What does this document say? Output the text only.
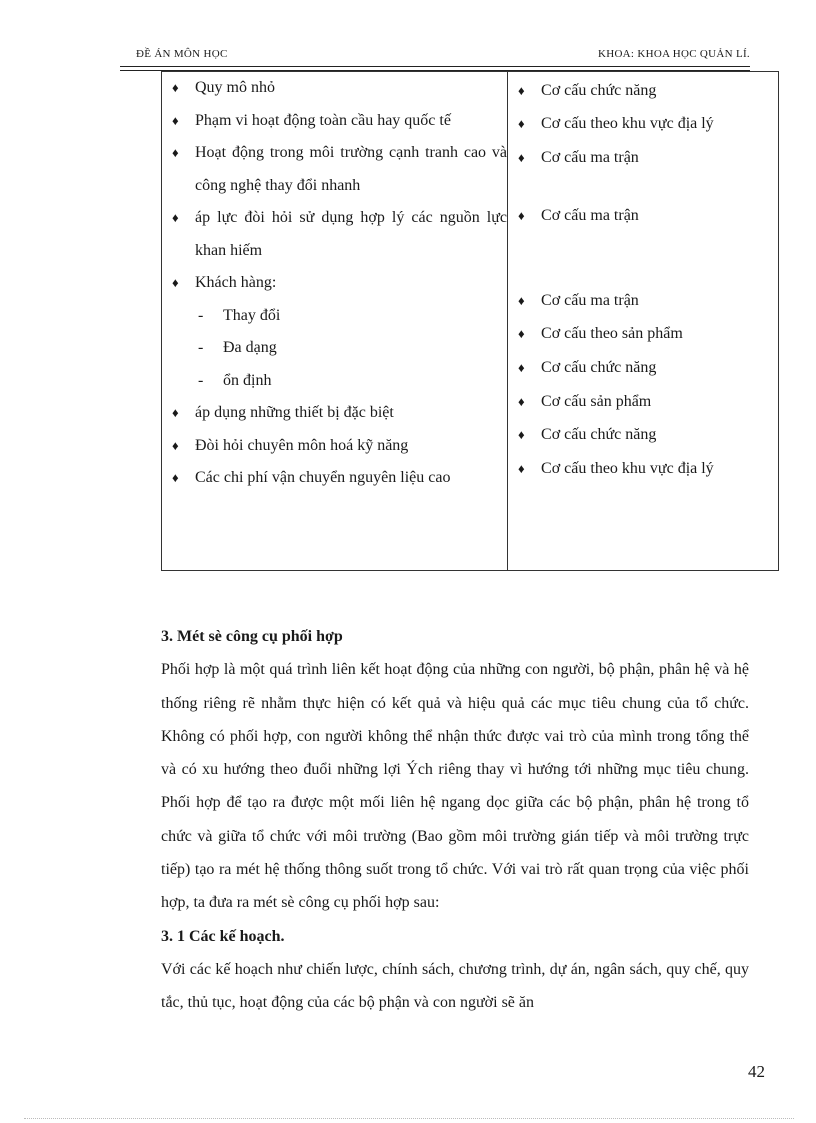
ĐỀ ÁN MÔN HỌC	KHOA: KHOA HỌC QUẢN LÍ.
♦ Quy mô nhỏ
♦ Phạm vi hoạt động toàn cầu hay quốc tế
♦ Hoạt động trong môi trường cạnh tranh cao và công nghệ thay đổi nhanh
♦ áp lực đòi hỏi sử dụng hợp lý các nguồn lực khan hiếm
♦ Khách hàng:
- Thay đổi
- Đa dạng
- ổn định
♦ áp dụng những thiết bị đặc biệt
♦ Đòi hỏi chuyên môn hoá kỹ năng
♦ Các chi phí vận chuyển nguyên liệu cao

♦ Cơ cấu chức năng
♦ Cơ cấu theo khu vực địa lý
♦ Cơ cấu ma trận
♦ Cơ cấu ma trận
♦ Cơ cấu ma trận
♦ Cơ cấu theo sản phẩm
♦ Cơ cấu chức năng
♦ Cơ cấu sản phẩm
♦ Cơ cấu chức năng
♦ Cơ cấu theo khu vực địa lý

3. Mét sè công cụ phối hợp

Phối hợp là một quá trình liên kết hoạt động của những con người, bộ phận, phân hệ và hệ thống riêng rẽ nhằm thực hiện có kết quả và hiệu quả các mục tiêu chung của tổ chức. Không có phối hợp, con người không thể nhận thức được vai trò của mình trong tổng thể và có xu hướng theo đuổi những lợi Ých riêng thay vì hướng tới những mục tiêu chung. Phối hợp để tạo ra được một mối liên hệ ngang dọc giữa các bộ phận, phân hệ trong tổ chức và giữa tổ chức với môi trường (Bao gồm môi trường gián tiếp và môi trường trực tiếp) tạo ra mét hệ thống thông suốt trong tổ chức. Với vai trò rất quan trọng của việc phối hợp, ta đưa ra mét sè công cụ phối hợp sau:

3. 1 Các kế hoạch.

Với các kế hoạch như chiến lược, chính sách, chương trình, dự án, ngân sách, quy chế, quy tắc, thủ tục, hoạt động của các bộ phận và con người sẽ ăn

42
